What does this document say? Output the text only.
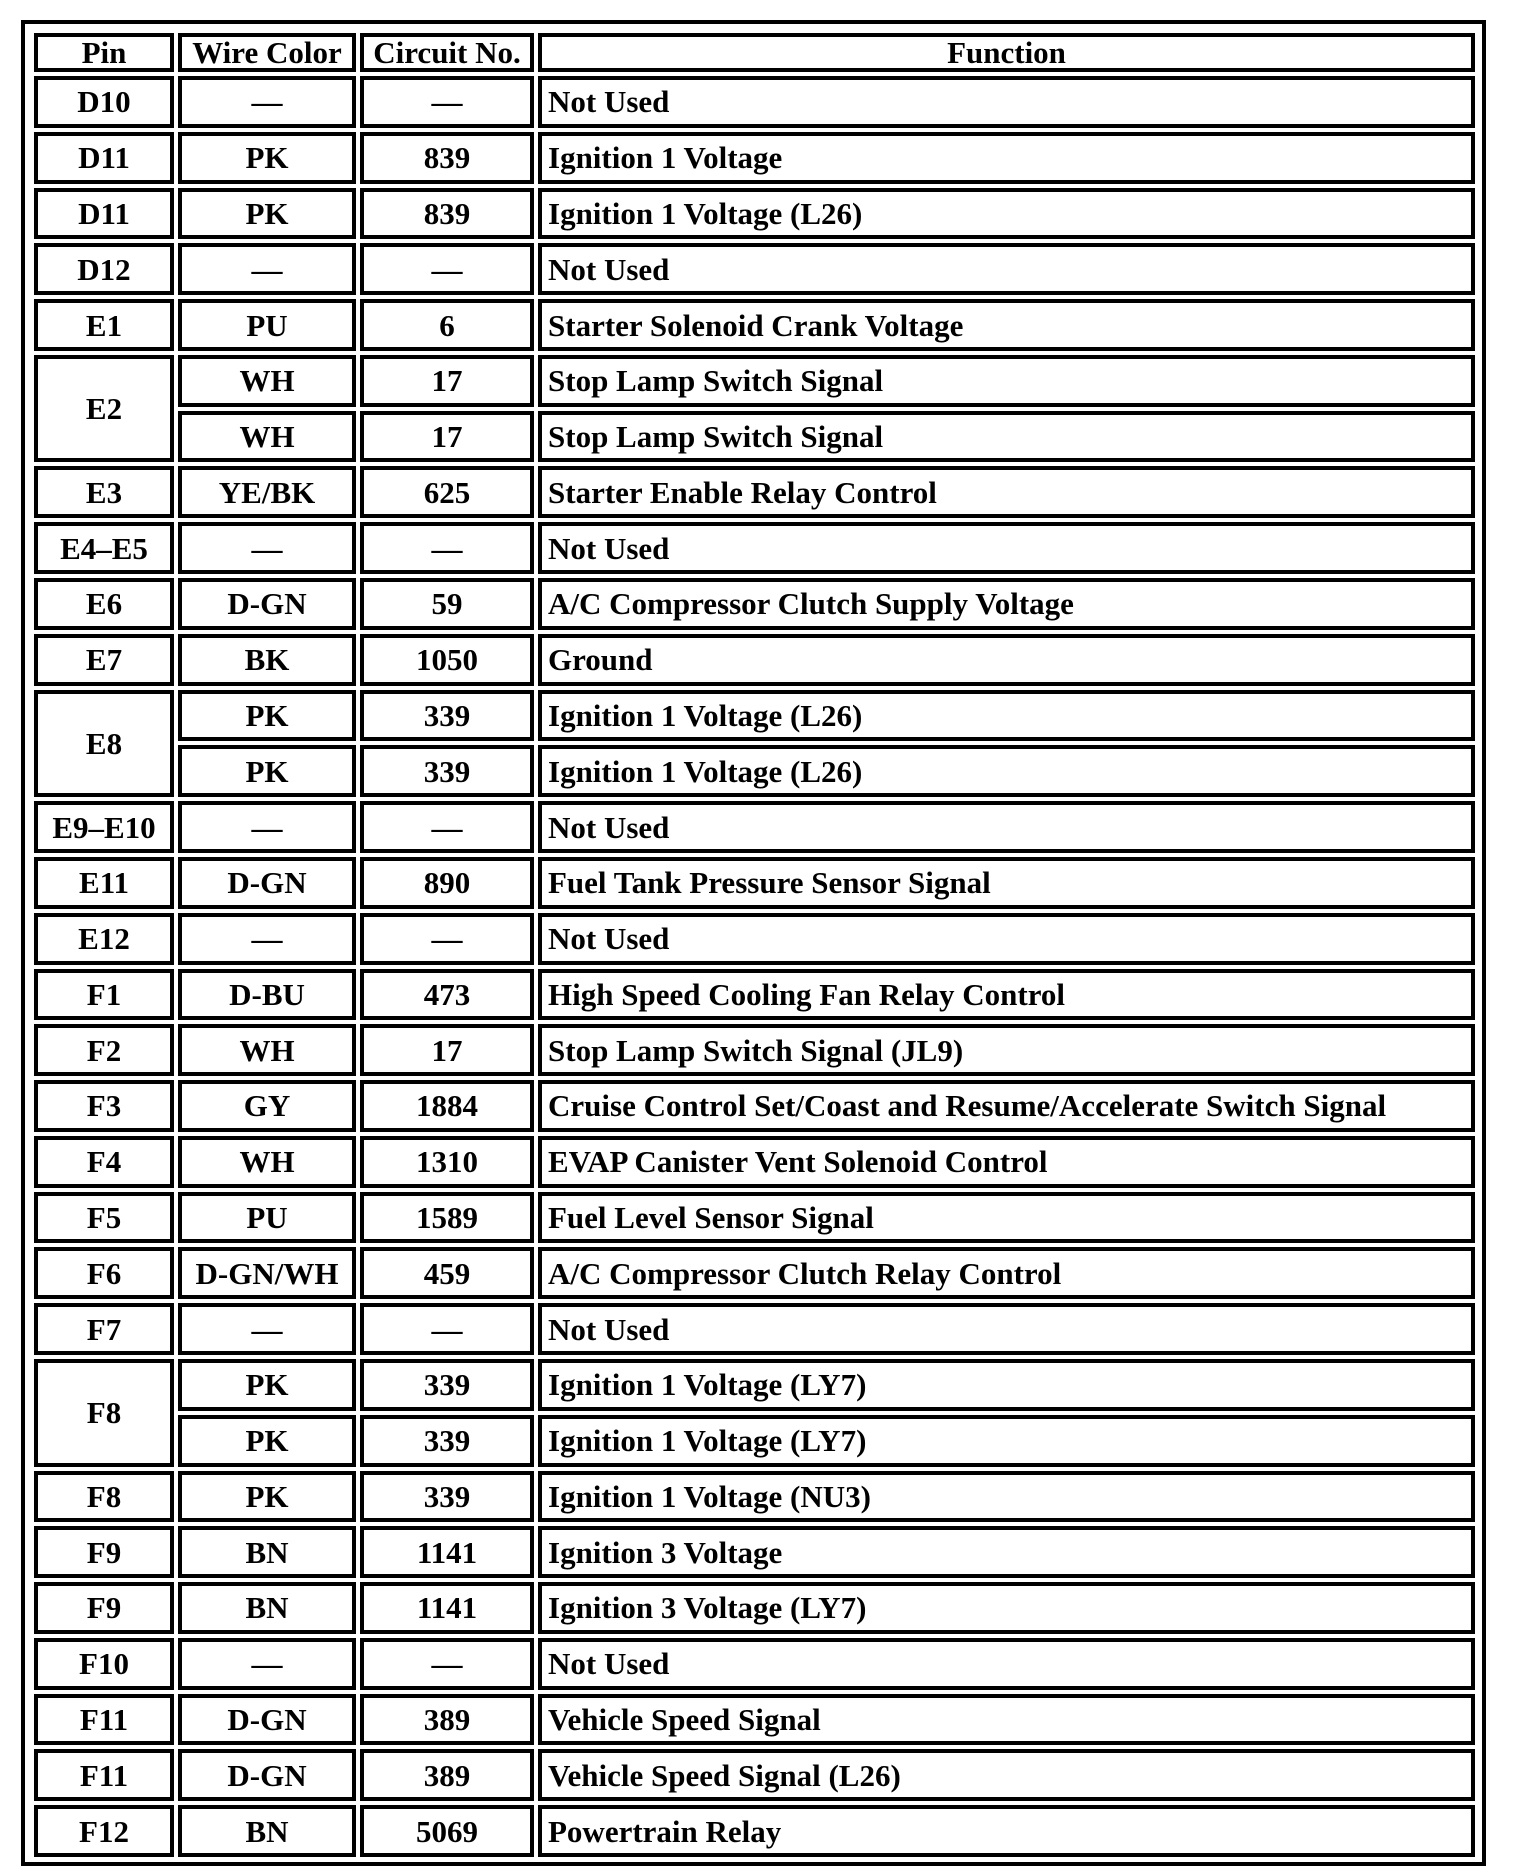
Pin	Wire Color	Circuit No.	Function
D10	—	—	Not Used
D11	PK	839	Ignition 1 Voltage
D11	PK	839	Ignition 1 Voltage (L26)
D12	—	—	Not Used
E1	PU	6	Starter Solenoid Crank Voltage
E2	WH	17	Stop Lamp Switch Signal
	WH	17	Stop Lamp Switch Signal
E3	YE/BK	625	Starter Enable Relay Control
E4–E5	—	—	Not Used
E6	D-GN	59	A/C Compressor Clutch Supply Voltage
E7	BK	1050	Ground
E8	PK	339	Ignition 1 Voltage (L26)
	PK	339	Ignition 1 Voltage (L26)
E9–E10	—	—	Not Used
E11	D-GN	890	Fuel Tank Pressure Sensor Signal
E12	—	—	Not Used
F1	D-BU	473	High Speed Cooling Fan Relay Control
F2	WH	17	Stop Lamp Switch Signal (JL9)
F3	GY	1884	Cruise Control Set/Coast and Resume/Accelerate Switch Signal
F4	WH	1310	EVAP Canister Vent Solenoid Control
F5	PU	1589	Fuel Level Sensor Signal
F6	D-GN/WH	459	A/C Compressor Clutch Relay Control
F7	—	—	Not Used
F8	PK	339	Ignition 1 Voltage (LY7)
	PK	339	Ignition 1 Voltage (LY7)
F8	PK	339	Ignition 1 Voltage (NU3)
F9	BN	1141	Ignition 3 Voltage
F9	BN	1141	Ignition 3 Voltage (LY7)
F10	—	—	Not Used
F11	D-GN	389	Vehicle Speed Signal
F11	D-GN	389	Vehicle Speed Signal (L26)
F12	BN	5069	Powertrain Relay
